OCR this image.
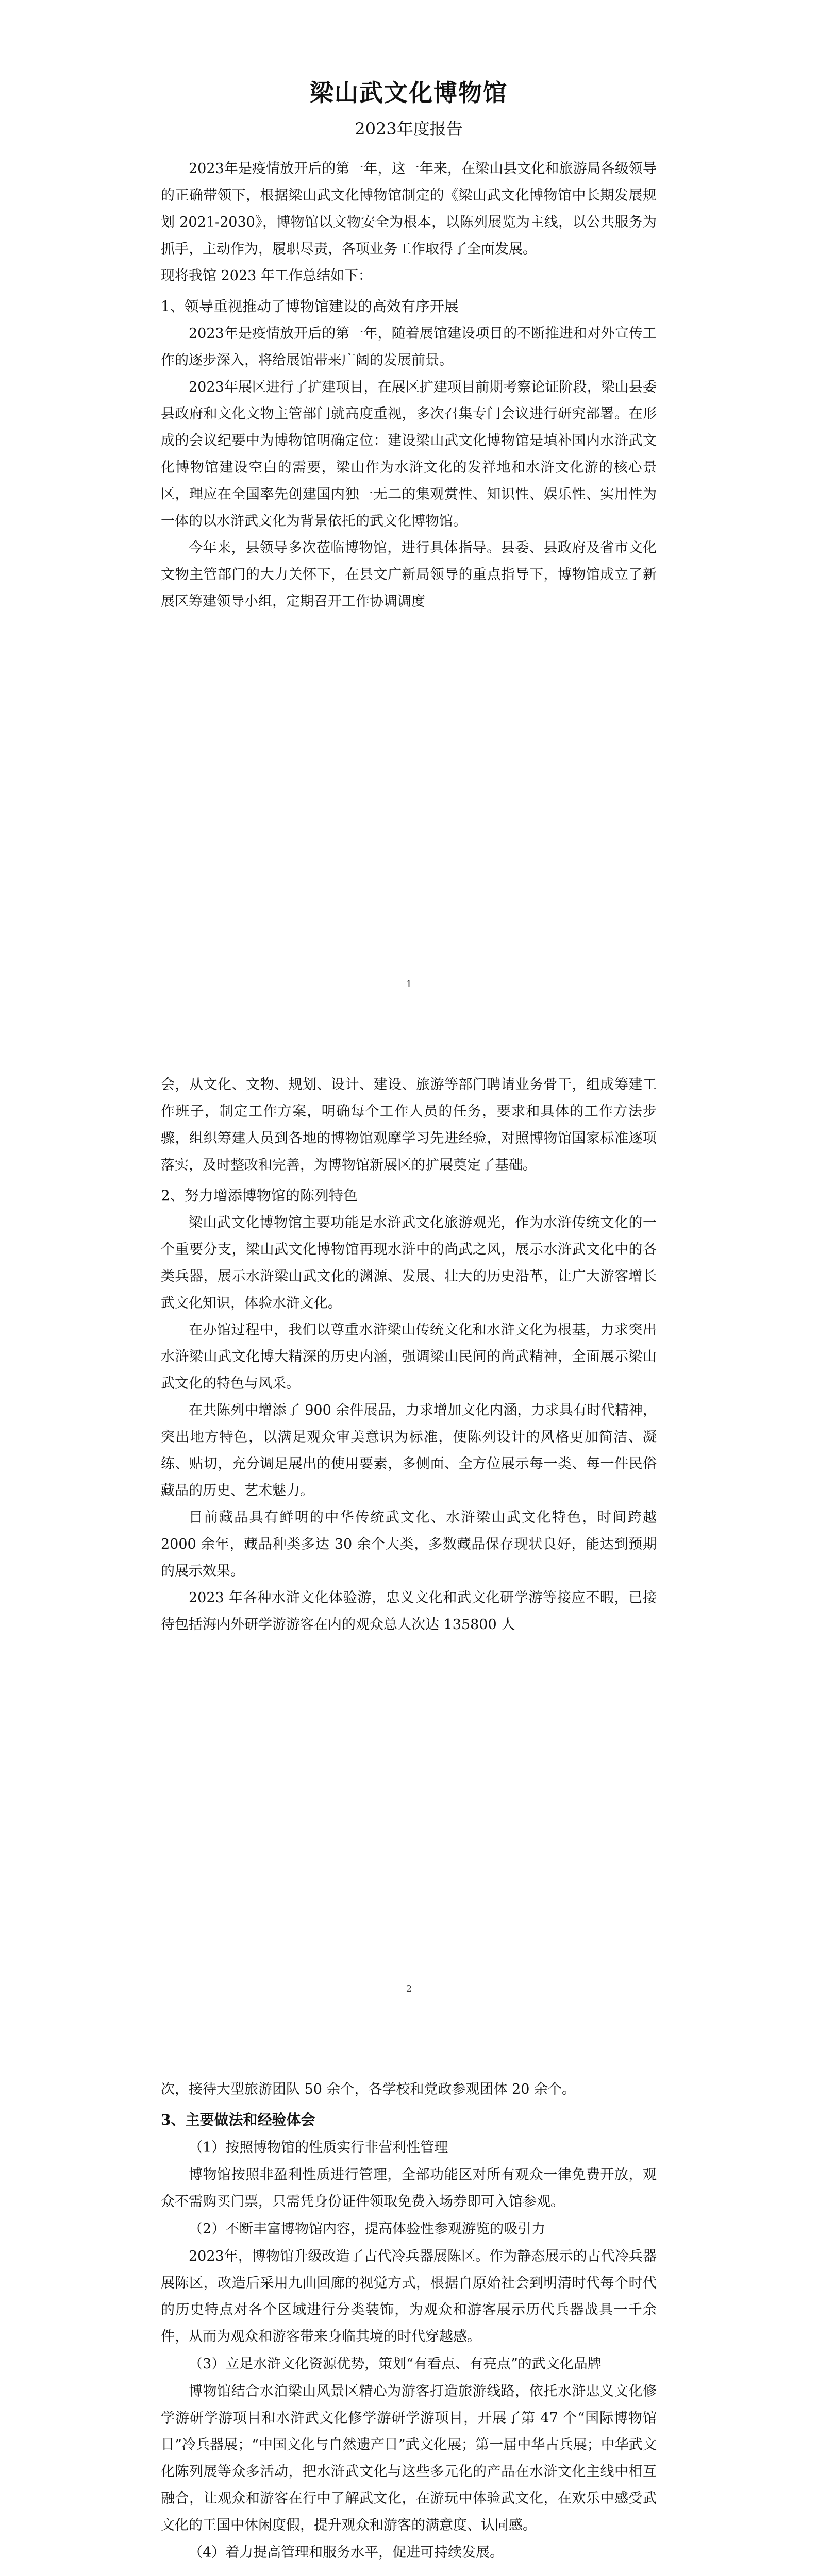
梁山武文化博物馆
2023年度报告

2023年是疫情放开后的第一年，这一年来，在梁山县文化和旅游局各级领导的正确带领下，根据梁山武文化博物馆制定的《梁山武文化博物馆中长期发展规划 2021-2030》，博物馆以文物安全为根本，以陈列展览为主线，以公共服务为抓手，主动作为，履职尽责，各项业务工作取得了全面发展。

现将我馆 2023 年工作总结如下：

1、领导重视推动了博物馆建设的高效有序开展

2023年是疫情放开后的第一年，随着展馆建设项目的不断推进和对外宣传工作的逐步深入，将给展馆带来广阔的发展前景。

2023年展区进行了扩建项目，在展区扩建项目前期考察论证阶段，梁山县委县政府和文化文物主管部门就高度重视，多次召集专门会议进行研究部署。在形成的会议纪要中为博物馆明确定位：建设梁山武文化博物馆是填补国内水浒武文化博物馆建设空白的需要，梁山作为水浒文化的发祥地和水浒文化游的核心景区，理应在全国率先创建国内独一无二的集观赏性、知识性、娱乐性、实用性为一体的以水浒武文化为背景依托的武文化博物馆。

今年来，县领导多次莅临博物馆，进行具体指导。县委、县政府及省市文化文物主管部门的大力关怀下，在县文广新局领导的重点指导下，博物馆成立了新展区筹建领导小组，定期召开工作协调调度

1

会，从文化、文物、规划、设计、建设、旅游等部门聘请业务骨干，组成筹建工作班子，制定工作方案，明确每个工作人员的任务，要求和具体的工作方法步骤，组织筹建人员到各地的博物馆观摩学习先进经验，对照博物馆国家标准逐项落实，及时整改和完善，为博物馆新展区的扩展奠定了基础。

2、努力增添博物馆的陈列特色

梁山武文化博物馆主要功能是水浒武文化旅游观光，作为水浒传统文化的一个重要分支，梁山武文化博物馆再现水浒中的尚武之风，展示水浒武文化中的各类兵器，展示水浒梁山武文化的渊源、发展、壮大的历史沿革，让广大游客增长武文化知识，体验水浒文化。

在办馆过程中，我们以尊重水浒梁山传统文化和水浒文化为根基，力求突出水浒梁山武文化博大精深的历史内涵，强调梁山民间的尚武精神，全面展示梁山武文化的特色与风采。

在共陈列中增添了 900 余件展品，力求增加文化内涵，力求具有时代精神，突出地方特色，以满足观众审美意识为标准，使陈列设计的风格更加简洁、凝练、贴切，充分调足展出的使用要素，多侧面、全方位展示每一类、每一件民俗藏品的历史、艺术魅力。

目前藏品具有鲜明的中华传统武文化、水浒梁山武文化特色，时间跨越 2000 余年，藏品种类多达 30 余个大类，多数藏品保存现状良好，能达到预期的展示效果。

2023 年各种水浒文化体验游，忠义文化和武文化研学游等接应不暇，已接待包括海内外研学游游客在内的观众总人次达 135800 人

2

次，接待大型旅游团队 50 余个，各学校和党政参观团体 20 余个。

3、主要做法和经验体会

（1）按照博物馆的性质实行非营利性管理

博物馆按照非盈利性质进行管理，全部功能区对所有观众一律免费开放，观众不需购买门票，只需凭身份证件领取免费入场券即可入馆参观。

（2）不断丰富博物馆内容，提高体验性参观游览的吸引力

2023年，博物馆升级改造了古代冷兵器展陈区。作为静态展示的古代冷兵器展陈区，改造后采用九曲回廊的视觉方式，根据自原始社会到明清时代每个时代的历史特点对各个区域进行分类装饰，为观众和游客展示历代兵器战具一千余件，从而为观众和游客带来身临其境的时代穿越感。

（3）立足水浒文化资源优势，策划“有看点、有亮点”的武文化品牌

博物馆结合水泊梁山风景区精心为游客打造旅游线路，依托水浒忠义文化修学游研学游项目和水浒武文化修学游研学游项目，开展了第 47 个“国际博物馆日”冷兵器展；“中国文化与自然遗产日”武文化展；第一届中华古兵展；中华武文化陈列展等众多活动，把水浒武文化与这些多元化的产品在水浒文化主线中相互融合，让观众和游客在行中了解武文化，在游玩中体验武文化，在欢乐中感受武文化的王国中休闲度假，提升观众和游客的满意度、认同感。

（4）着力提高管理和服务水平，促进可持续发展。
